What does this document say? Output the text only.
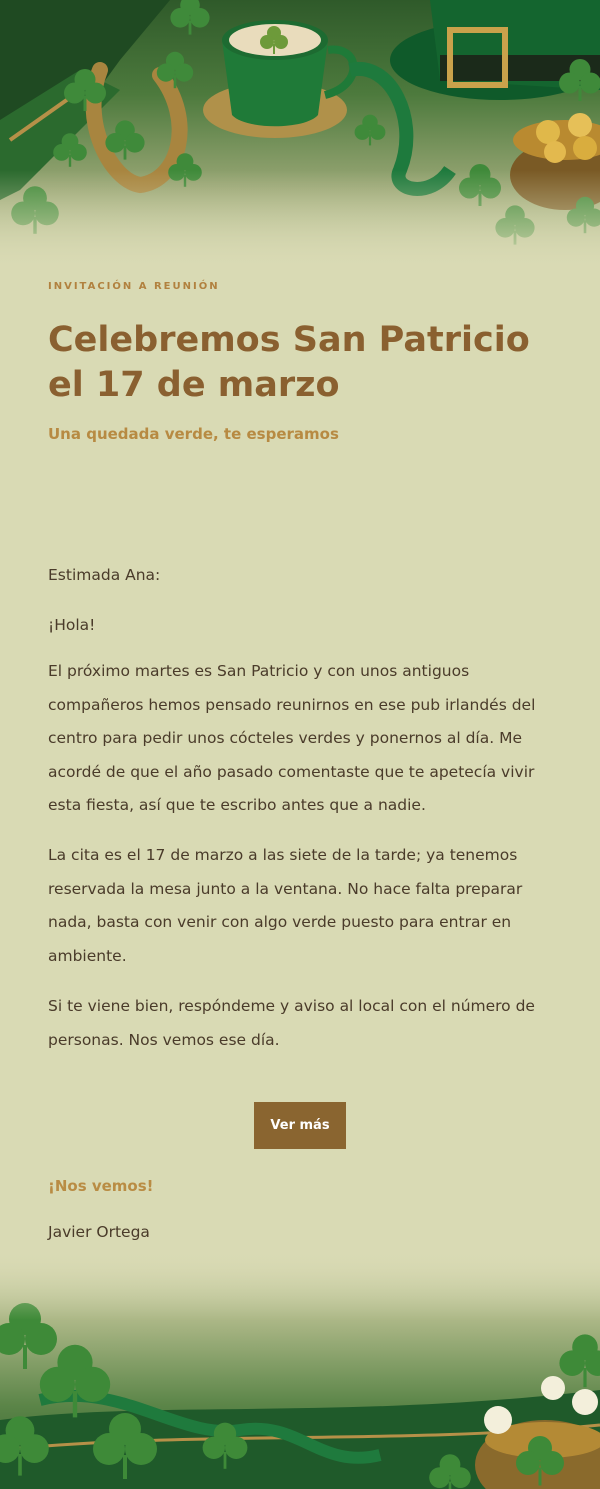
INVITACIÓN A REUNIÓN
Celebremos San Patricio el 17 de marzo
Una quedada verde, te esperamos

Estimada Ana:

¡Hola!

El próximo martes es San Patricio y con unos antiguos compañeros hemos pensado reunirnos en ese pub irlandés del centro para pedir unos cócteles verdes y ponernos al día. Me acordé de que el año pasado comentaste que te apetecía vivir esta fiesta, así que te escribo antes que a nadie.

La cita es el 17 de marzo a las siete de la tarde; ya tenemos reservada la mesa junto a la ventana. No hace falta preparar nada, basta con venir con algo verde puesto para entrar en ambiente.

Si te viene bien, respóndeme y aviso al local con el número de personas. Nos vemos ese día.

Ver más
¡Nos vemos!
Javier Ortega
